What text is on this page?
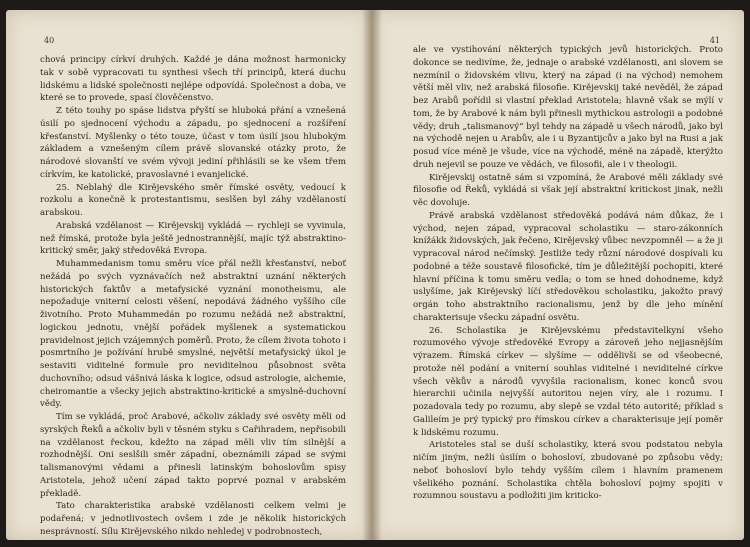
40

chová principy církví druhých. Každé je dána možnost harmonicky tak v sobě vypracovati tu synthesi všech tří principů, která duchu lidskému a lidské společnosti nejlépe odpovídá. Společnost a doba, ve které se to provede, spasí člověčenstvo.

Z této touhy po spáse lidstva přyští se hluboká přání a vznešená úsilí po sjednocení východu a západu, po sjednocení a rozšíření křesťanství. Myšlenky o této touze, účast v tom úsilí jsou hlubokým základem a vznešeným cílem právě slovanské otázky proto, že národové slovanští ve svém vývoji jediní přihlásili se ke všem třem církvím, ke katolické, pravoslavné i evanjelické.

25. Neblahý dle Kirějevského směr římské osvěty, vedoucí k rozkolu a konečně k protestantismu, seslšen byl záhy vzdělaností arabskou.

Arabská vzdělanost — Kirějevskij vykládá — rychleji se vyvinula, než římská, protože byla ještě jednostrannější, majíc týž abstraktino-kritický směr, jaký středověká Evropa.

Muhammedanism tomu směru více přál nežli křesťanství, neboť nežádá po svých vyznávačích než abstraktní uznání některých historických faktův a metafysické vyznání monotheismu, ale nepožaduje vniterní celosti věšení, nepodává žádného vyššího cíle životního. Proto Muhammedán po rozumu nežádá než abstraktní, logickou jednotu, vnější pořádek myšlenek a systematickou pravidelnost jejich vzájemných poměrů. Proto, že cílem života tohoto i posmrtního je požívání hrubě smyslné, největší metafysický úkol je sestaviti viditelné formule pro neviditelnou působnost světa duchovního; odsud vášnivá láska k logice, odsud astrologie, alchemie, cheiromantie a všecky jejich abstraktino-kritické a smyslně-duchovní vědy.

Tím se vykládá, proč Arabové, ačkoliv základy své osvěty měli od syrských Řeků a ačkoliv byli v těsném styku s Cařihradem, nepřisobili na vzdělanost řeckou, kdežto na západ měli vliv tím silnější a rozhodnější. Oni seslšili směr západní, obeznámili západ se svými talismanovými vědami a přinesli latinským bohoslovům spisy Aristotela, jehož učení západ takto poprvé poznal v arabském překladě.

Tato charakteristika arabské vzdělanosti celkem velmi je podařená; v jednotlivostech ovšem i zde je několik historických nesprávností. Sílu Kirějevského nikdo nehledej v podrobnostech,

41

ale ve vystihování některých typických jevů historických. Proto dokonce se nedivíme, že, jednaje o arabské vzdělanosti, ani slovem se nezmínil o židovském vlivu, který na západ (i na východ) nemohem větší měl vliv, než arabská filosofie. Kirějevskij také nevěděl, že západ bez Arabů pořídil si vlastní překlad Aristotela; hlavně však se mýlí v tom, že by Arabové k nám byli přinesli mythickou astrologii a podobné vědy; druh „talismanový“ byl tehdy na západě u všech národů, jako byl na východě nejen u Arabův, ale i u Byzantijcův a jako byl na Rusi a jak posud více méně je všude, více na východě, méně na západě, kterýžto druh nejevil se pouze ve vědách, ve filosofii, ale i v theologii.

Kirějevskij ostatně sám si vzpomíná, že Arabové měli základy své filosofie od Řeků, vykládá si však její abstraktní kritickost jinak, nežli věc dovoluje.

Právě arabská vzdělanost středověká podává nám důkaz, že i východ, nejen západ, vypracoval scholastiku — staro-zákonních knížákk židovských, jak řečeno, Kirějevský vůbec nevzpomněl — a že ji vypracoval národ nečímský. Jestliže tedy různí národové dospívali ku podobné a téže soustavě filosofické, tím je důležitější pochopiti, které hlavní příčina k tomu směru vedla; o tom se hned dohodneme, když uslyšíme, jak Kirějevský líčí středověkou scholastiku, jakožto pravý orgán toho abstraktního racionalismu, jenž by dle jeho mínění charakterisuje všecku západní osvětu.

26. Scholastika je Kirějevskému představitelkyní všeho rozumového vývoje středověké Evropy a zároveň jeho nejjasnějším výrazem. Římská církev — slyšíme — oddělivši se od všeobecné, protože něl podání a vniterní souhlas viditelné i neviditelné církve všech věkův a národů vyvyšila racionalism, konec konců svou hierarchii učinila nejvyšší autoritou nejen víry, ale i rozumu. I pozadovala tedy po rozumu, aby slepě se vzdal této autoritě; příklad s Galileím je prý typický pro římskou církev a charakterisuje její poměr k lidskému rozumu.

Aristoteles stal se duší scholastiky, která svou podstatou nebyla ničím jiným, nežli úsilím o bohosloví, zbudované po způsobu vědy; neboť bohosloví bylo tehdy vyšším cílem i hlavním pramenem všelikého poznání. Scholastika chtěla bohosloví pojmy spojiti v rozumnou soustavu a podložiti jim kriticko-
